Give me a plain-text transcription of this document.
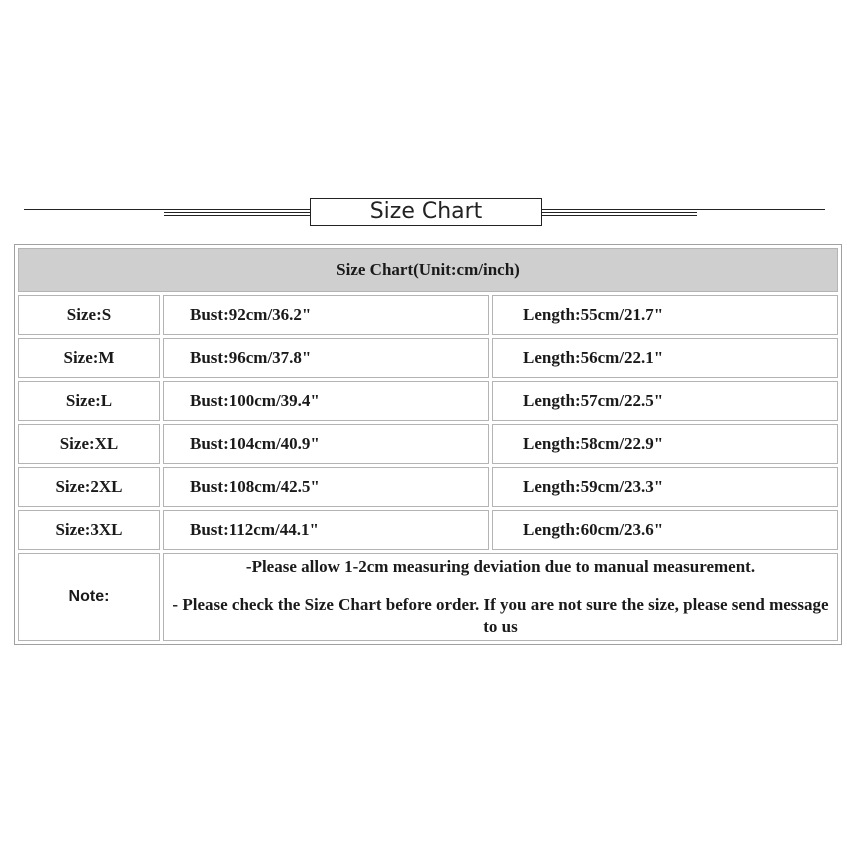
Size Chart
Size Chart(Unit:cm/inch)		
Size:S	Bust:92cm/36.2"	Length:55cm/21.7"
Size:M	Bust:96cm/37.8"	Length:56cm/22.1"
Size:L	Bust:100cm/39.4"	Length:57cm/22.5"
Size:XL	Bust:104cm/40.9"	Length:58cm/22.9"
Size:2XL	Bust:108cm/42.5"	Length:59cm/23.3"
Size:3XL	Bust:112cm/44.1"	Length:60cm/23.6"
Note:	-Please allow 1-2cm measuring deviation due to manual measurement.
- Please check the Size Chart before order. If you are not sure the size, please send message to us	
